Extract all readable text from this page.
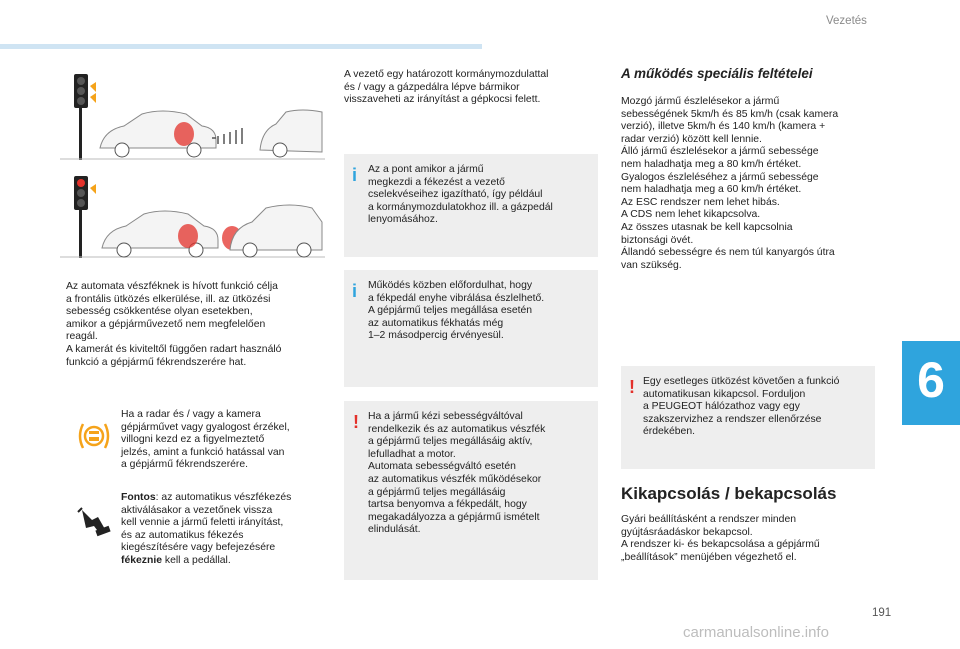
Vezetés
6
Az automata vészféknek is hívott funkció célja
a frontális ütközés elkerülése, ill. az ütközési
sebesség csökkentése olyan esetekben,
amikor a gépjárművezető nem megfelelően
reagál.
A kamerát és kiviteltől függően radart használó
funkció a gépjármű fékrendszerére hat.
Ha a radar és / vagy a kamera
gépjárművet vagy gyalogost érzékel,
villogni kezd ez a figyelmeztető
jelzés, amint a funkció hatással van
a gépjármű fékrendszerére.
Fontos: az automatikus vészfékezés
aktiválásakor a vezetőnek vissza
kell vennie a jármű feletti irányítást,
és az automatikus fékezés
kiegészítésére vagy befejezésére
fékeznie kell a pedállal.
A vezető egy határozott kormánymozdulattal
és / vagy a gázpedálra lépve bármikor
visszaveheti az irányítást a gépkocsi felett.
i Az a pont amikor a jármű
megkezdi a fékezést a vezető
cselekvéseihez igazítható, így például
a kormánymozdulatokhoz ill. a gázpedál
lenyomásához.
i Működés közben előfordulhat, hogy
a fékpedál enyhe vibrálása észlelhető.
A gépjármű teljes megállása esetén
az automatikus fékhatás még
1–2 másodpercig érvényesül.
! Ha a jármű kézi sebességváltóval
rendelkezik és az automatikus vészfék
a gépjármű teljes megállásáig aktív,
lefulladhat a motor.
Automata sebességváltó esetén
az automatikus vészfék működésekor
a gépjármű teljes megállásáig
tartsa benyomva a fékpedált, hogy
megakadályozza a gépjármű ismételt
elindulását.
A működés speciális feltételei
Mozgó jármű észlelésekor a jármű
sebességének 5km/h és 85 km/h (csak kamera
verzió), illetve 5km/h és 140 km/h (kamera +
radar verzió) között kell lennie.
Álló jármű észlelésekor a jármű sebessége
nem haladhatja meg a 80 km/h értéket.
Gyalogos észleléséhez a jármű sebessége
nem haladhatja meg a 60 km/h értéket.
Az ESC rendszer nem lehet hibás.
A CDS nem lehet kikapcsolva.
Az összes utasnak be kell kapcsolnia
biztonsági övét.
Állandó sebességre és nem túl kanyargós útra
van szükség.
! Egy esetleges ütközést követően a funkció
automatikusan kikapcsol. Forduljon
a PEUGEOT hálózathoz vagy egy
szakszervizhez a rendszer ellenőrzése
érdekében.
Kikapcsolás / bekapcsolás
Gyári beállításként a rendszer minden
gyújtásráadáskor bekapcsol.
A rendszer ki- és bekapcsolása a gépjármű
„beállítások” menüjében végezhető el.
191
carmanualsonline.info
